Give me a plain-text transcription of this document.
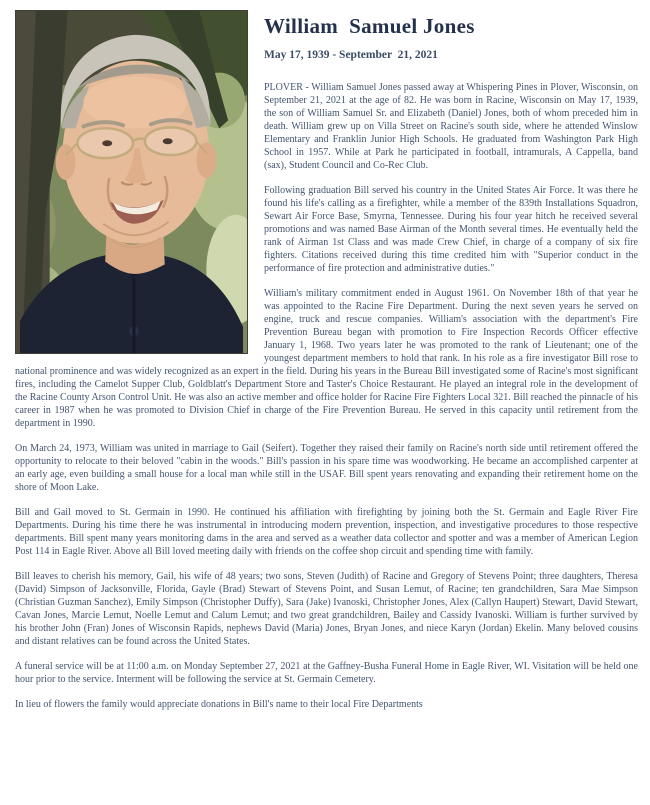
William  Samuel Jones
May 17, 1939 - September  21, 2021

PLOVER - William Samuel Jones passed away at Whispering Pines in Plover, Wisconsin, on September 21, 2021 at the age of 82. He was born in Racine, Wisconsin on May 17, 1939, the son of William Samuel Sr. and Elizabeth (Daniel) Jones, both of whom preceded him in death. William grew up on Villa Street on Racine's south side, where he attended Winslow Elementary and Franklin Junior High Schools. He graduated from Washington Park High School in 1957. While at Park he participated in football, intramurals, A Cappella, band (sax), Student Council and Co-Rec Club.

Following graduation Bill served his country in the United States Air Force. It was there he found his life's calling as a firefighter, while a member of the 839th Installations Squadron, Sewart Air Force Base, Smyrna, Tennessee. During his four year hitch he received several promotions and was named Base Airman of the Month several times. He eventually held the rank of Airman 1st Class and was made Crew Chief, in charge of a company of six fire fighters. Citations received during this time credited him with "Superior conduct in the performance of fire protection and administrative duties."

William's military commitment ended in August 1961. On November 18th of that year he was appointed to the Racine Fire Department. During the next seven years he served on engine, truck and rescue companies. William's association with the department's Fire Prevention Bureau began with promotion to Fire Inspection Records Officer effective January 1, 1968. Two years later he was promoted to the rank of Lieutenant; one of the youngest department members to hold that rank. In his role as a fire investigator Bill rose to national prominence and was widely recognized as an expert in the field. During his years in the Bureau Bill investigated some of Racine's most significant fires, including the Camelot Supper Club, Goldblatt's Department Store and Taster's Choice Restaurant. He played an integral role in the development of the Racine County Arson Control Unit. He was also an active member and office holder for Racine Fire Fighters Local 321. Bill reached the pinnacle of his career in 1987 when he was promoted to Division Chief in charge of the Fire Prevention Bureau. He served in this capacity until retirement from the department in 1990.

On March 24, 1973, William was united in marriage to Gail (Seifert). Together they raised their family on Racine's north side until retirement offered the opportunity to relocate to their beloved "cabin in the woods." Bill's passion in his spare time was woodworking. He became an accomplished carpenter at an early age, even building a small house for a local man while still in the USAF. Bill spent years renovating and expanding their retirement home on the shore of Moon Lake.

Bill and Gail moved to St. Germain in 1990. He continued his affiliation with firefighting by joining both the St. Germain and Eagle River Fire Departments. During his time there he was instrumental in introducing modern prevention, inspection, and investigative procedures to those respective departments. Bill spent many years monitoring dams in the area and served as a weather data collector and spotter and was a member of American Legion Post 114 in Eagle River. Above all Bill loved meeting daily with friends on the coffee shop circuit and spending time with family.

Bill leaves to cherish his memory, Gail, his wife of 48 years; two sons, Steven (Judith) of Racine and Gregory of Stevens Point; three daughters, Theresa (David) Simpson of Jacksonville, Florida, Gayle (Brad) Stewart of Stevens Point, and Susan Lemut, of Racine; ten grandchildren, Sara Mae Simpson (Christian Guzman Sanchez), Emily Simpson (Christopher Duffy), Sara (Jake) Ivanoski, Christopher Jones, Alex (Callyn Haupert) Stewart, David Stewart, Cavan Jones, Marcie Lemut, Noelle Lemut and Calum Lemut; and two great grandchildren, Bailey and Cassidy Ivanoski. William is further survived by his brother John (Fran) Jones of Wisconsin Rapids, nephews David (Maria) Jones, Bryan Jones, and niece Karyn (Jordan) Ekelin. Many beloved cousins and distant relatives can be found across the United States.

A funeral service will be at 11:00 a.m. on Monday September 27, 2021 at the Gaffney-Busha Funeral Home in Eagle River, WI. Visitation will be held one hour prior to the service. Interment will be following the service at St. Germain Cemetery.

In lieu of flowers the family would appreciate donations in Bill's name to their local Fire Departments
